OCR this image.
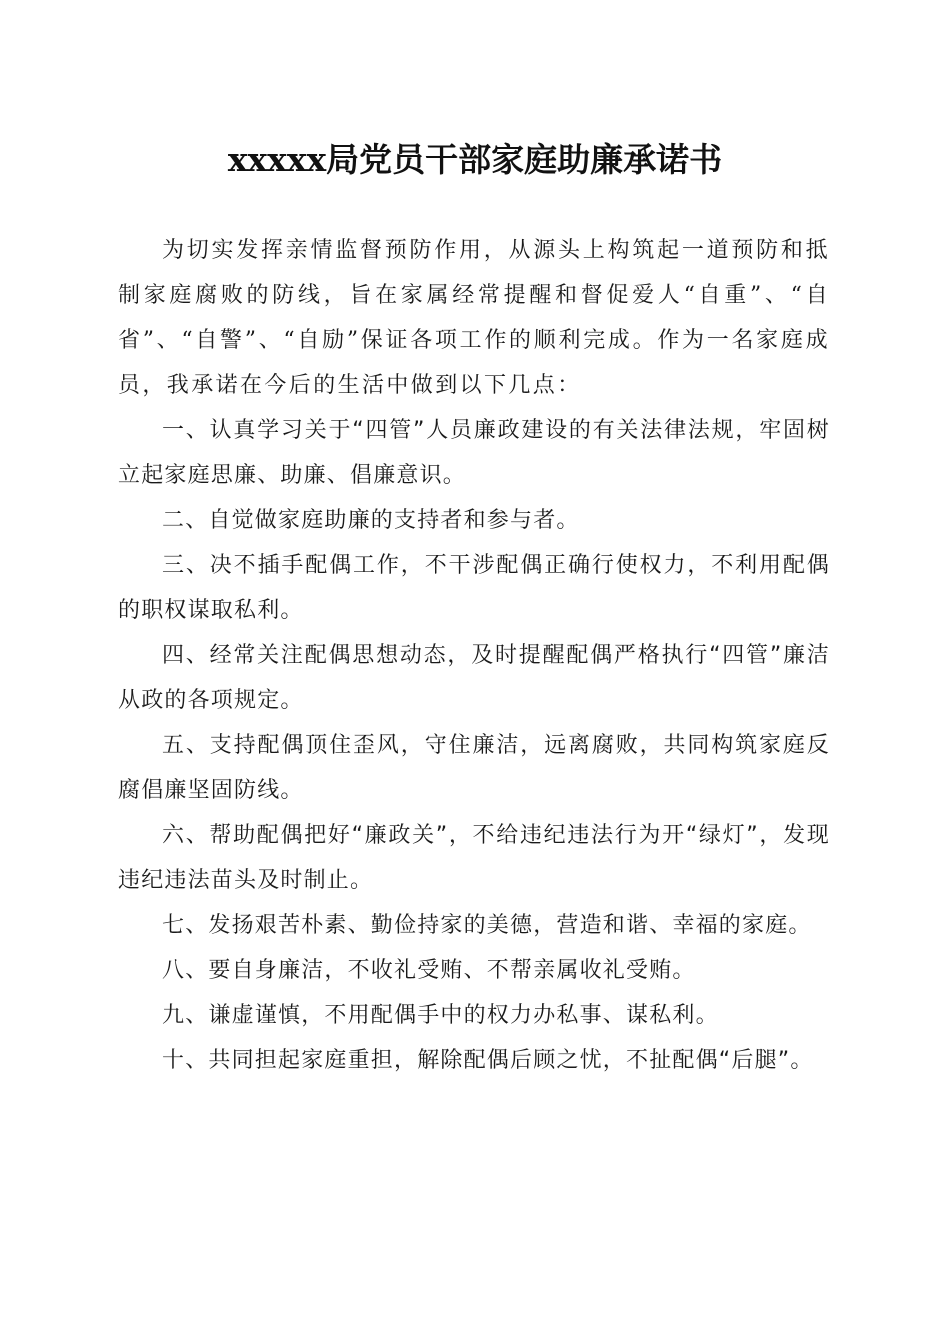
xxxxx局党员干部家庭助廉承诺书

为切实发挥亲情监督预防作用，从源头上构筑起一道预防和抵制家庭腐败的防线，旨在家属经常提醒和督促爱人“自重”、“自省”、“自警”、“自励”保证各项工作的顺利完成。作为一名家庭成员，我承诺在今后的生活中做到以下几点：

一、认真学习关于“四管”人员廉政建设的有关法律法规，牢固树立起家庭思廉、助廉、倡廉意识。

二、自觉做家庭助廉的支持者和参与者。

三、决不插手配偶工作，不干涉配偶正确行使权力，不利用配偶的职权谋取私利。

四、经常关注配偶思想动态，及时提醒配偶严格执行“四管”廉洁从政的各项规定。

五、支持配偶顶住歪风，守住廉洁，远离腐败，共同构筑家庭反腐倡廉坚固防线。

六、帮助配偶把好“廉政关”，不给违纪违法行为开“绿灯”，发现违纪违法苗头及时制止。

七、发扬艰苦朴素、勤俭持家的美德，营造和谐、幸福的家庭。

八、要自身廉洁，不收礼受贿、不帮亲属收礼受贿。

九、谦虚谨慎，不用配偶手中的权力办私事、谋私利。

十、共同担起家庭重担，解除配偶后顾之忧，不扯配偶“后腿”。
